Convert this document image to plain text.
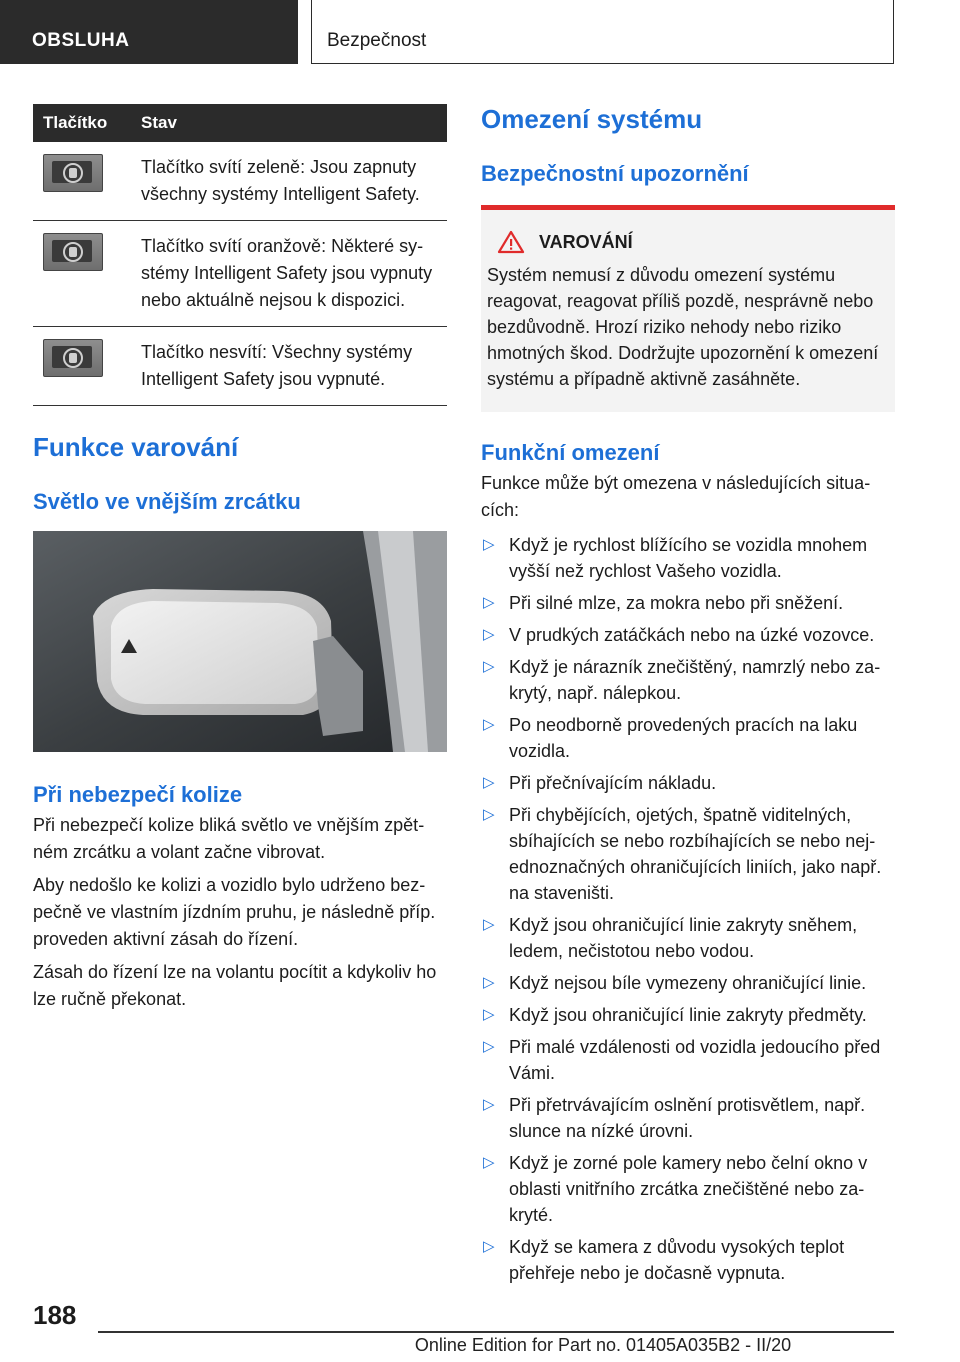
OBSLUHA	Bezpečnost
Tlačítko	Stav

	Tlačítko svítí zeleně: Jsou zapnuty všechny systémy Intelligent Safety.

	Tlačítko svítí oranžově: Některé systémy Intelligent Safety jsou vypnuty nebo aktuálně nejsou k dispozici.

	Tlačítko nesvítí: Všechny systémy Intelligent Safety jsou vypnuté.
Funkce varování
Světlo ve vnějším zrcátku
Při nebezpečí kolize

Při nebezpečí kolize bliká světlo ve vnějším zpětném zrcátku a volant začne vibrovat.

Aby nedošlo ke kolizi a vozidlo bylo udrženo bezpečně ve vlastním jízdním pruhu, je následně příp. proveden aktivní zásah do řízení.

Zásah do řízení lze na volantu pocítit a kdykoliv ho lze ručně překonat.

Omezení systému
Bezpečnostní upozornění
VAROVÁNÍ
Systém nemusí z důvodu omezení systému reagovat, reagovat příliš pozdě, nesprávně nebo bezdůvodně. Hrozí riziko nehody nebo riziko hmotných škod. Dodržujte upozornění k omezení systému a případně aktivně zasáhněte.
Funkční omezení

Funkce může být omezena v následujících situacích:

▷ Když je rychlost blížícího se vozidla mnohem vyšší než rychlost Vašeho vozidla.
▷ Při silné mlze, za mokra nebo při sněžení.
▷ V prudkých zatáčkách nebo na úzké vozovce.
▷ Když je nárazník znečištěný, namrzlý nebo zakrytý, např. nálepkou.
▷ Po neodborně provedených pracích na laku vozidla.
▷ Při přečnívajícím nákladu.
▷ Při chybějících, ojetých, špatně viditelných, sbíhajících se nebo rozbíhajících se nebo nejednoznačných ohraničujících liniích, jako např. na staveništi.
▷ Když jsou ohraničující linie zakryty sněhem, ledem, nečistotou nebo vodou.
▷ Když nejsou bíle vymezeny ohraničující linie.
▷ Když jsou ohraničující linie zakryty předměty.
▷ Při malé vzdálenosti od vozidla jedoucího před Vámi.
▷ Při přetrvávajícím oslnění protisvětlem, např. slunce na nízké úrovni.
▷ Když je zorné pole kamery nebo čelní okno v oblasti vnitřního zrcátka znečištěné nebo zakryté.
▷ Když se kamera z důvodu vysokých teplot přehřeje nebo je dočasně vypnuta.
188
Online Edition for Part no. 01405A035B2 - II/20
